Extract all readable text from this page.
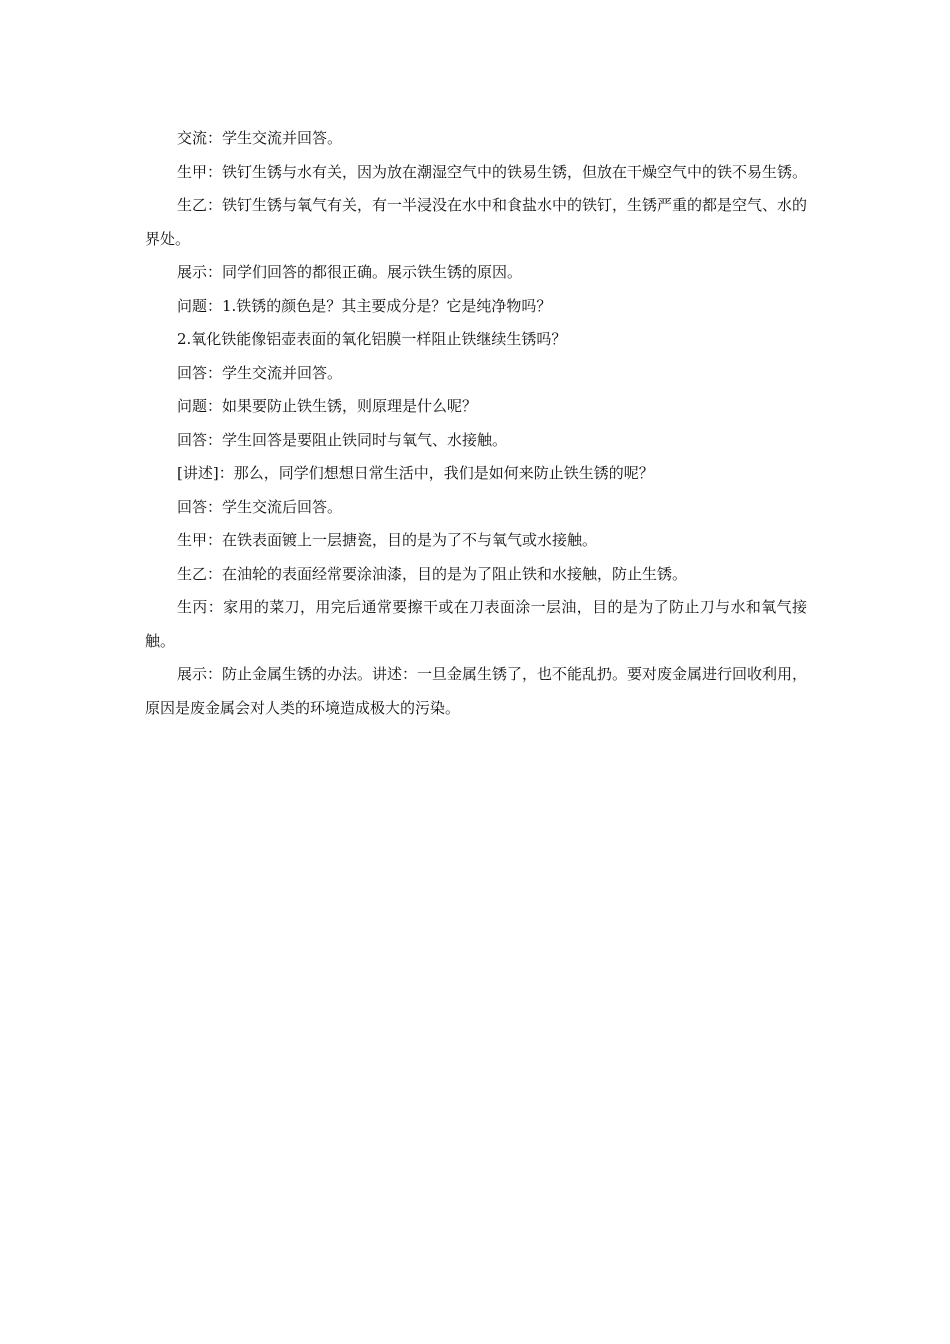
交流：学生交流并回答。

生甲：铁钉生锈与水有关，因为放在潮湿空气中的铁易生锈，但放在干燥空气中的铁不易生锈。

生乙：铁钉生锈与氧气有关，有一半浸没在水中和食盐水中的铁钉，生锈严重的都是空气、水的界处。

展示：同学们回答的都很正确。展示铁生锈的原因。

问题：1.铁锈的颜色是？其主要成分是？它是纯净物吗？

2.氧化铁能像铝壶表面的氧化铝膜一样阻止铁继续生锈吗？

回答：学生交流并回答。

问题：如果要防止铁生锈，则原理是什么呢？

回答：学生回答是要阻止铁同时与氧气、水接触。

[讲述]：那么，同学们想想日常生活中，我们是如何来防止铁生锈的呢？

回答：学生交流后回答。

生甲：在铁表面镀上一层搪瓷，目的是为了不与氧气或水接触。

生乙：在油轮的表面经常要涂油漆，目的是为了阻止铁和水接触，防止生锈。

生丙：家用的菜刀，用完后通常要擦干或在刀表面涂一层油，目的是为了防止刀与水和氧气接触。

展示：防止金属生锈的办法。讲述：一旦金属生锈了，也不能乱扔。要对废金属进行回收利用，原因是废金属会对人类的环境造成极大的污染。
